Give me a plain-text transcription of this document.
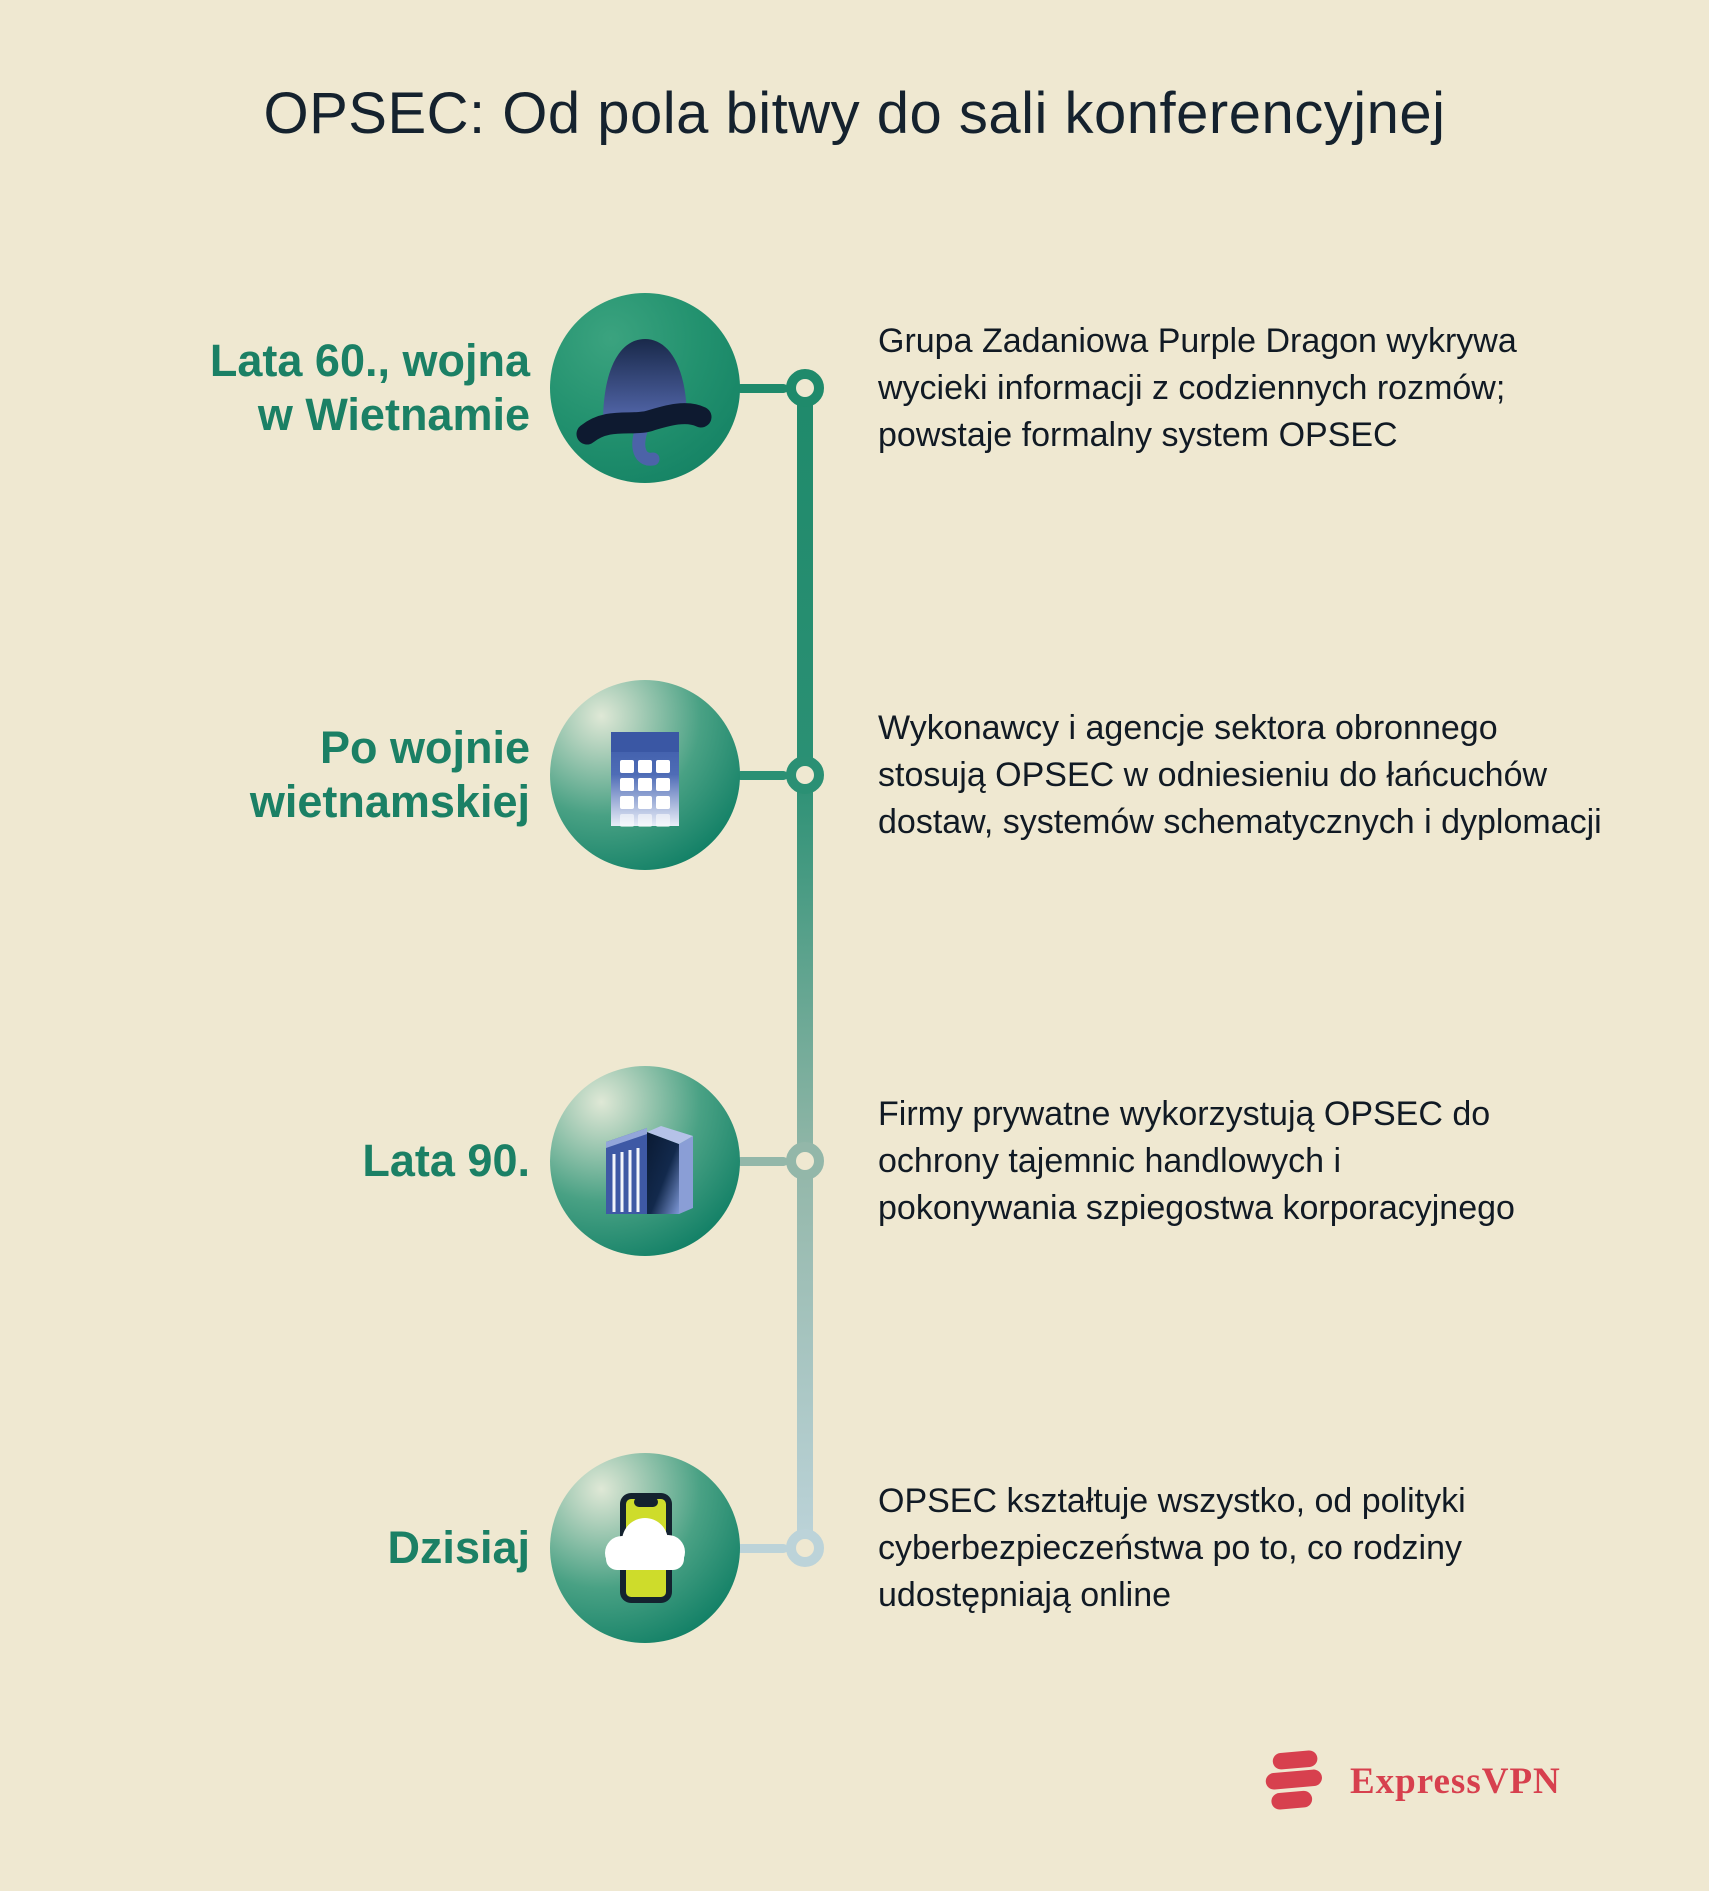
OPSEC: Od pola bitwy do sali konferencyjnej
Lata 60., wojna
w Wietnamie
Grupa Zadaniowa Purple Dragon wykrywa
wycieki informacji z codziennych rozmów;
powstaje formalny system OPSEC
Po wojnie
wietnamskiej
Wykonawcy i agencje sektora obronnego
stosują OPSEC w odniesieniu do łańcuchów
dostaw, systemów schematycznych i dyplomacji
Lata 90.
Firmy prywatne wykorzystują OPSEC do
ochrony tajemnic handlowych i
pokonywania szpiegostwa korporacyjnego
Dzisiaj
OPSEC kształtuje wszystko, od polityki
cyberbezpieczeństwa po to, co rodziny
udostępniają online
ExpressVPN
